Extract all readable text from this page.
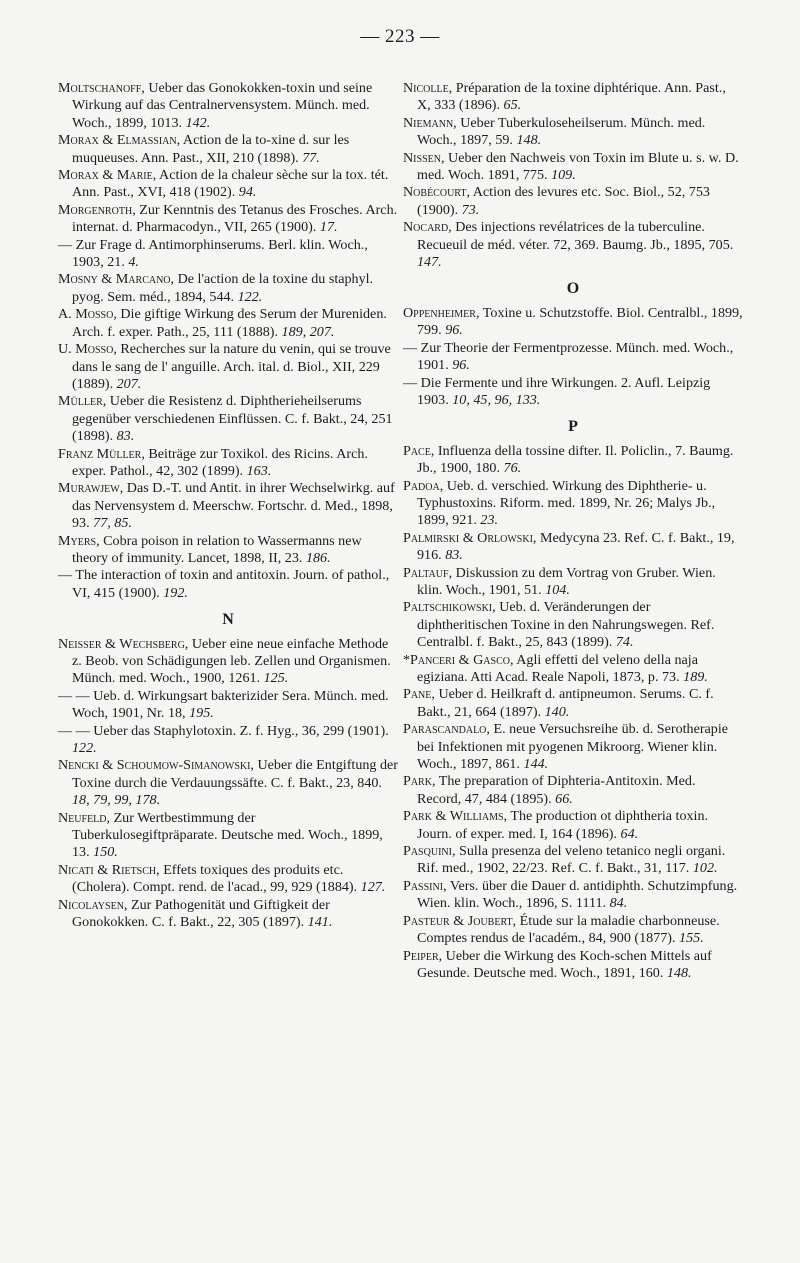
— 223 —
Moltschanoff, Ueber das Gonokokken-toxin und seine Wirkung auf das Centralnervensystem. Münch. med. Woch., 1899, 1013. 142.
Morax & Elmassian, Action de la to-xine d. sur les muqueuses. Ann. Past., XII, 210 (1898). 77.
Morax & Marie, Action de la chaleur sèche sur la tox. tét. Ann. Past., XVI, 418 (1902). 94.
Morgenroth, Zur Kenntnis des Tetanus des Frosches. Arch. internat. d. Pharmacodyn., VII, 265 (1900). 17.
— Zur Frage d. Antimorphinserums. Berl. klin. Woch., 1903, 21. 4.
Mosny & Marcano, De l'action de la toxine du staphyl. pyog. Sem. méd., 1894, 544. 122.
A. Mosso, Die giftige Wirkung des Serum der Mureniden. Arch. f. exper. Path., 25, 111 (1888). 189, 207.
U. Mosso, Recherches sur la nature du venin, qui se trouve dans le sang de l' anguille. Arch. ital. d. Biol., XII, 229 (1889). 207.
Müller, Ueber die Resistenz d. Diphtherieheilserums gegenüber verschiedenen Einflüssen. C. f. Bakt., 24, 251 (1898). 83.
Franz Müller, Beiträge zur Toxikol. des Ricins. Arch. exper. Pathol., 42, 302 (1899). 163.
Murawjew, Das D.-T. und Antit. in ihrer Wechselwirkg. auf das Nervensystem d. Meerschw. Fortschr. d. Med., 1898, 93. 77, 85.
Myers, Cobra poison in relation to Wassermanns new theory of immunity. Lancet, 1898, II, 23. 186.
— The interaction of toxin and antitoxin. Journ. of pathol., VI, 415 (1900). 192.
N
Neisser & Wechsberg, Ueber eine neue einfache Methode z. Beob. von Schädigungen leb. Zellen und Organismen. Münch. med. Woch., 1900, 1261. 125.
— — Ueb. d. Wirkungsart bakterizider Sera. Münch. med. Woch, 1901, Nr. 18, 195.
— — Ueber das Staphylotoxin. Z. f. Hyg., 36, 299 (1901). 122.
Nencki & Schoumow-Simanowski, Ueber die Entgiftung der Toxine durch die Verdauungssäfte. C. f. Bakt., 23, 840. 18, 79, 99, 178.
Neufeld, Zur Wertbestimmung der Tuberkulosegiftpräparate. Deutsche med. Woch., 1899, 13. 150.
Nicati & Rietsch, Effets toxiques des produits etc. (Cholera). Compt. rend. de l'acad., 99, 929 (1884). 127.
Nicolaysen, Zur Pathogenität und Giftigkeit der Gonokokken. C. f. Bakt., 22, 305 (1897). 141.
Nicolle, Préparation de la toxine diphtérique. Ann. Past., X, 333 (1896). 65.
Niemann, Ueber Tuberkuloseheilserum. Münch. med. Woch., 1897, 59. 148.
Nissen, Ueber den Nachweis von Toxin im Blute u. s. w. D. med. Woch. 1891, 775. 109.
Nobécourt, Action des levures etc. Soc. Biol., 52, 753 (1900). 73.
Nocard, Des injections revélatrices de la tuberculine. Recueuil de méd. véter. 72, 369. Baumg. Jb., 1895, 705. 147.
O
Oppenheimer, Toxine u. Schutzstoffe. Biol. Centralbl., 1899, 799. 96.
— Zur Theorie der Fermentprozesse. Münch. med. Woch., 1901. 96.
— Die Fermente und ihre Wirkungen. 2. Aufl. Leipzig 1903. 10, 45, 96, 133.
P
Pace, Influenza della tossine difter. Il. Policlin., 7. Baumg. Jb., 1900, 180. 76.
Padoa, Ueb. d. verschied. Wirkung des Diphtherie- u. Typhustoxins. Riform. med. 1899, Nr. 26; Malys Jb., 1899, 921. 23.
Palmirski & Orlowski, Medycyna 23. Ref. C. f. Bakt., 19, 916. 83.
Paltauf, Diskussion zu dem Vortrag von Gruber. Wien. klin. Woch., 1901, 51. 104.
Paltschikowski, Ueb. d. Veränderungen der diphtheritischen Toxine in den Nahrungswegen. Ref. Centralbl. f. Bakt., 25, 843 (1899). 74.
*Panceri & Gasco, Agli effetti del veleno della naja egiziana. Atti Acad. Reale Napoli, 1873, p. 73. 189.
Pane, Ueber d. Heilkraft d. antipneumon. Serums. C. f. Bakt., 21, 664 (1897). 140.
Parascandalo, E. neue Versuchsreihe üb. d. Serotherapie bei Infektionen mit pyogenen Mikroorg. Wiener klin. Woch., 1897, 861. 144.
Park, The preparation of Diphteria-Antitoxin. Med. Record, 47, 484 (1895). 66.
Park & Williams, The production ot diphtheria toxin. Journ. of exper. med. I, 164 (1896). 64.
Pasquini, Sulla presenza del veleno tetanico negli organi. Rif. med., 1902, 22/23. Ref. C. f. Bakt., 31, 117. 102.
Passini, Vers. über die Dauer d. antidiphth. Schutzimpfung. Wien. klin. Woch., 1896, S. 1111. 84.
Pasteur & Joubert, Étude sur la maladie charbonneuse. Comptes rendus de l'académ., 84, 900 (1877). 155.
Peiper, Ueber die Wirkung des Koch-schen Mittels auf Gesunde. Deutsche med. Woch., 1891, 160. 148.
